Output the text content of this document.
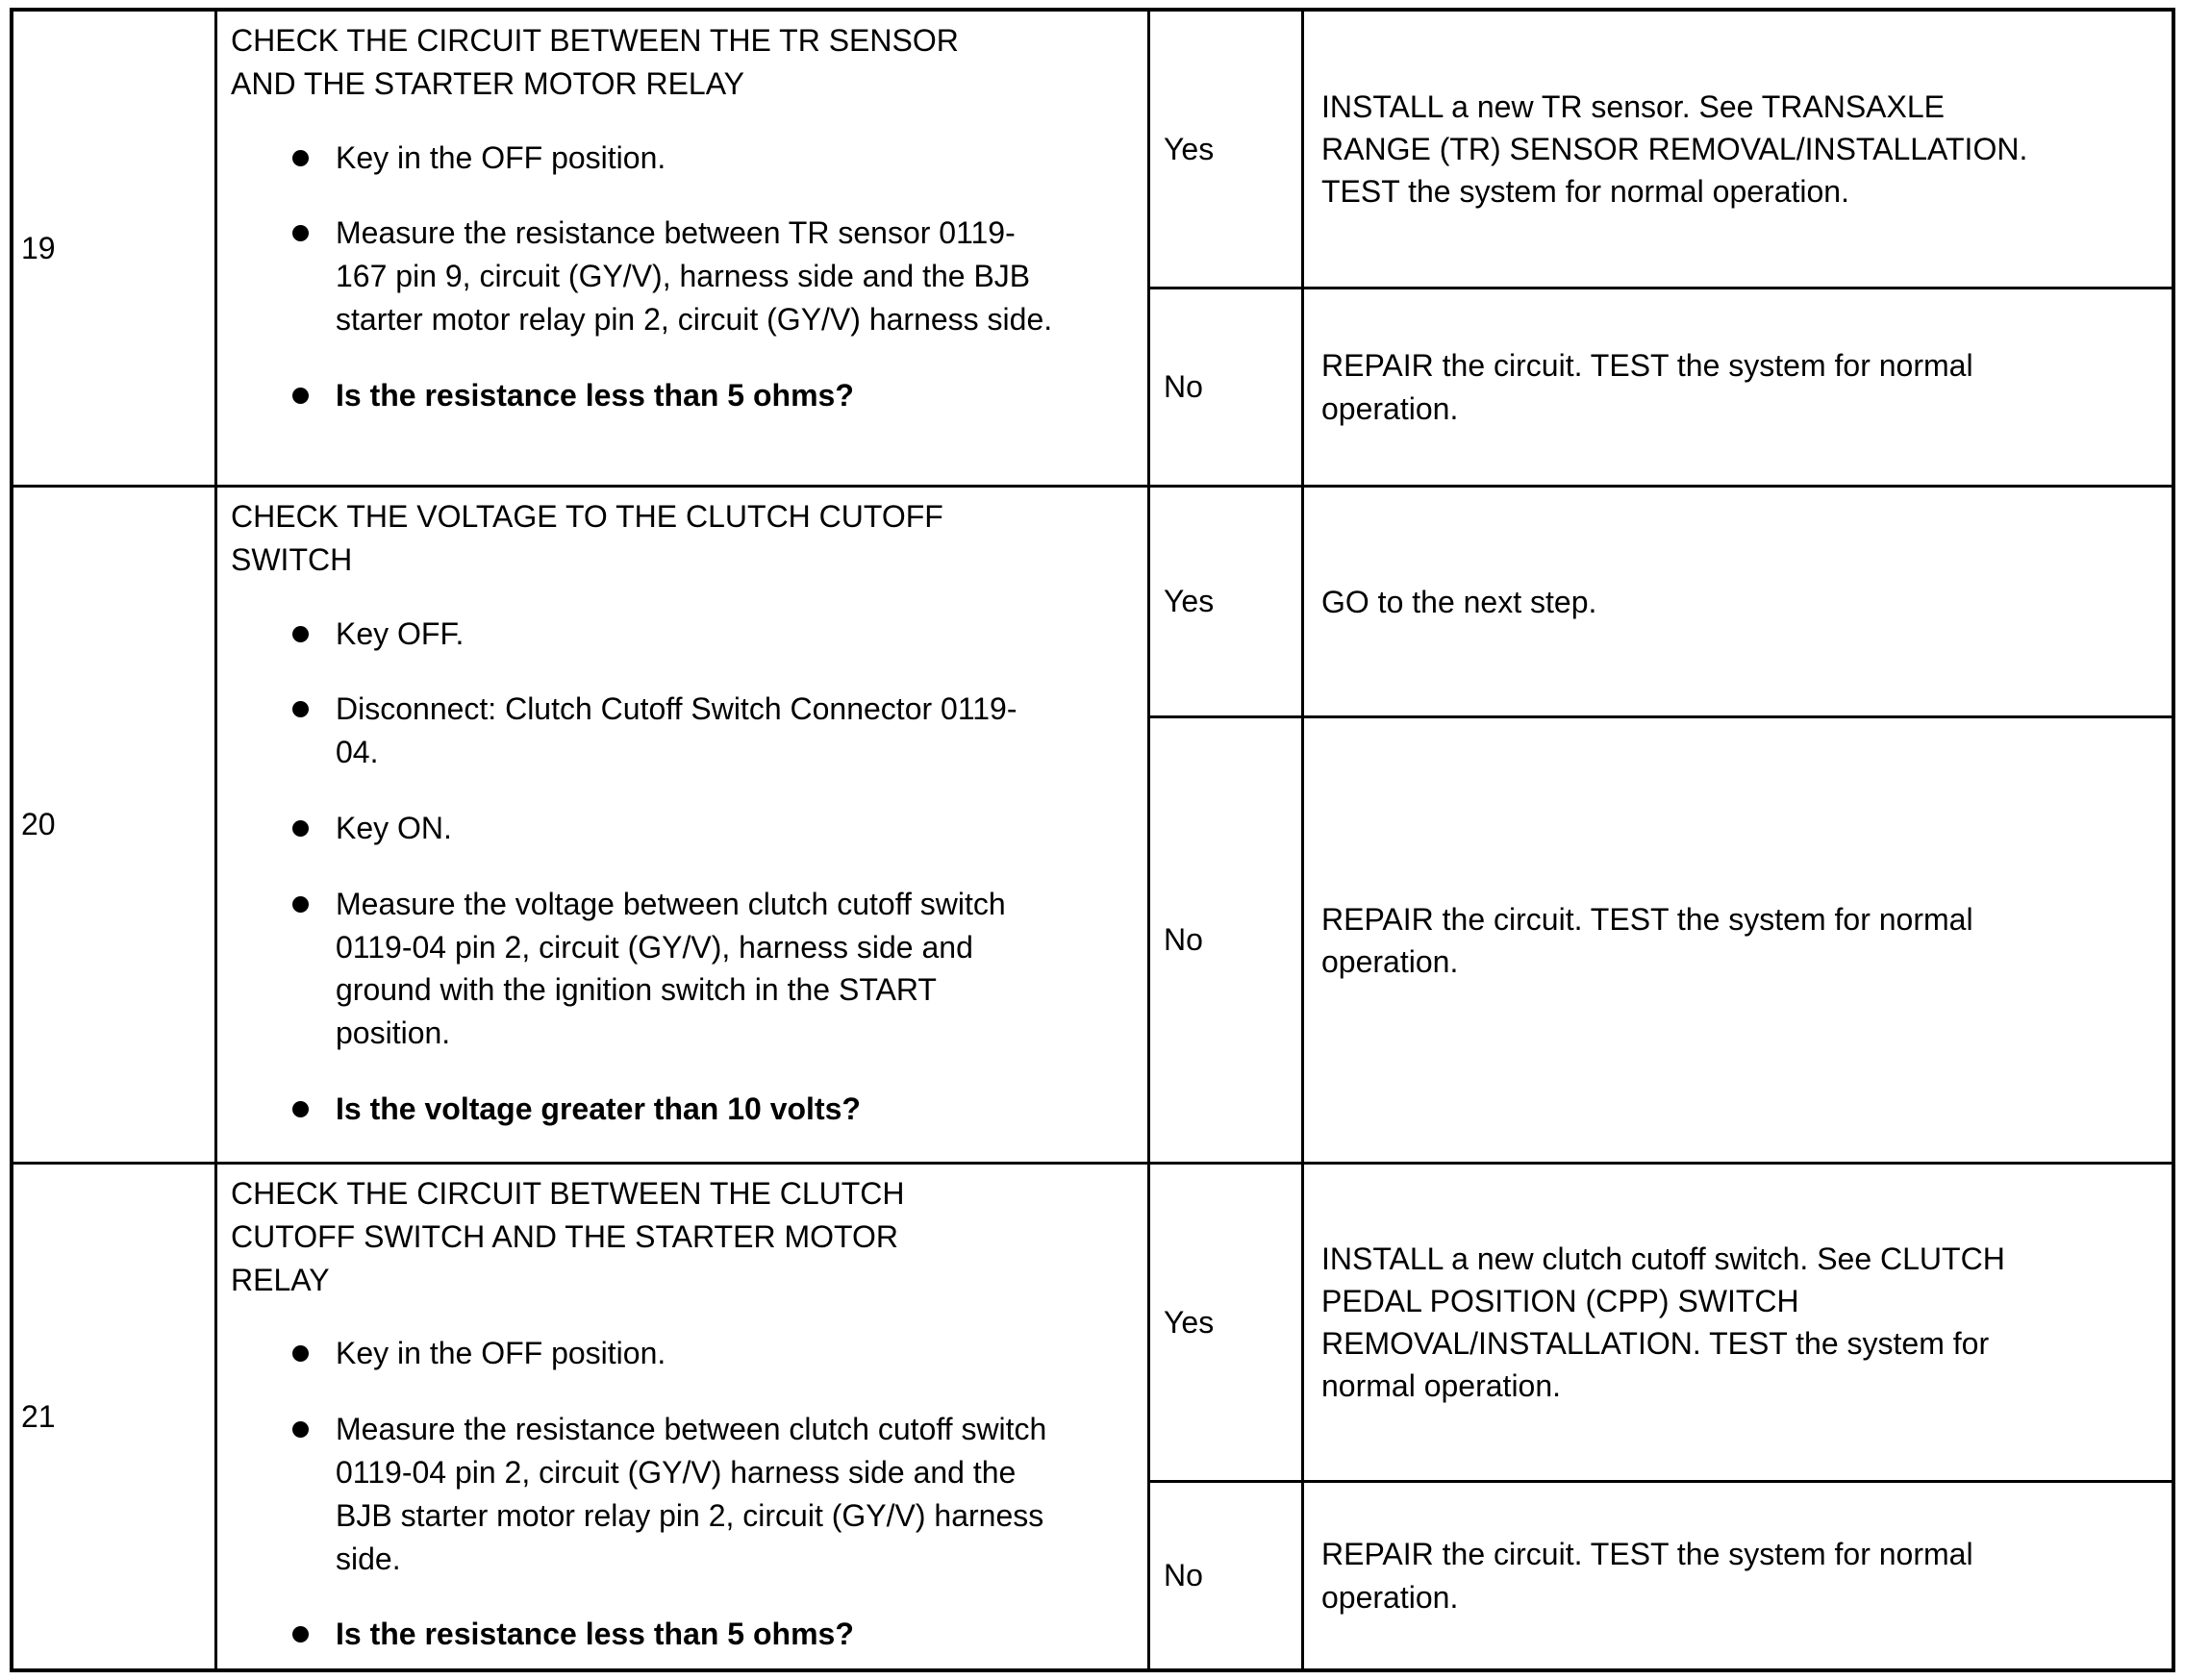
19
CHECK THE CIRCUIT BETWEEN THE TR SENSOR AND THE STARTER MOTOR RELAY
Key in the OFF position.
Measure the resistance between TR sensor 0119-167 pin 9, circuit (GY/V), harness side and the BJB starter motor relay pin 2, circuit (GY/V) harness side.
Is the resistance less than 5 ohms?
Yes
INSTALL a new TR sensor. See TRANSAXLE RANGE (TR) SENSOR REMOVAL/INSTALLATION. TEST the system for normal operation.
No
REPAIR the circuit. TEST the system for normal operation.
20
CHECK THE VOLTAGE TO THE CLUTCH CUTOFF SWITCH
Key OFF.
Disconnect: Clutch Cutoff Switch Connector 0119-04.
Key ON.
Measure the voltage between clutch cutoff switch 0119-04 pin 2, circuit (GY/V), harness side and ground with the ignition switch in the START position.
Is the voltage greater than 10 volts?
Yes	GO to the next step.
No
REPAIR the circuit. TEST the system for normal operation.
21
CHECK THE CIRCUIT BETWEEN THE CLUTCH CUTOFF SWITCH AND THE STARTER MOTOR RELAY
Key in the OFF position.
Measure the resistance between clutch cutoff switch 0119-04 pin 2, circuit (GY/V) harness side and the BJB starter motor relay pin 2, circuit (GY/V) harness side.
Is the resistance less than 5 ohms?
Yes
INSTALL a new clutch cutoff switch. See CLUTCH PEDAL POSITION (CPP) SWITCH REMOVAL/INSTALLATION. TEST the system for normal operation.
No
REPAIR the circuit. TEST the system for normal operation.
